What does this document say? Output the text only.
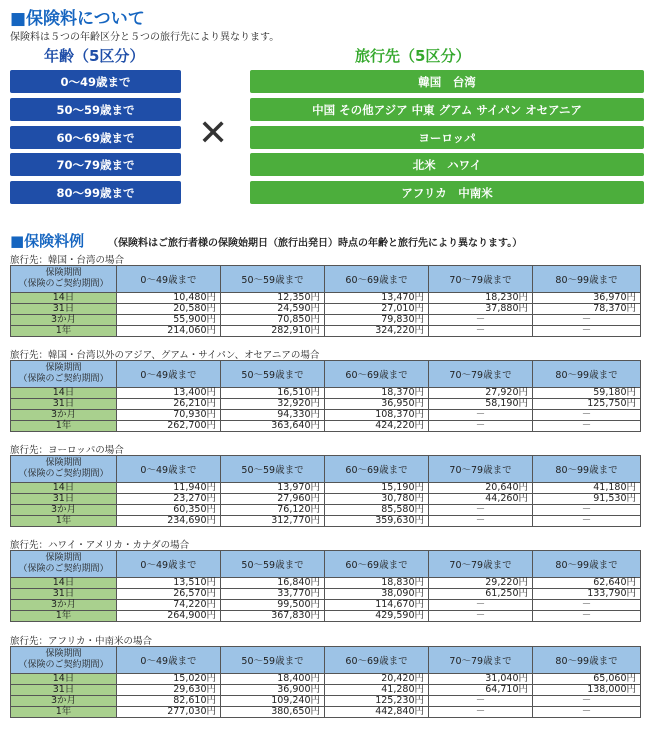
■保険料について
保険料は５つの年齢区分と５つの旅行先により異なります。
年齢（5区分）	旅行先（5区分）
0～49歳まで
50～59歳まで
60～69歳まで
70～79歳まで
80～99歳まで
✕
韓国　台湾
中国 その他アジア 中東 グアム サイパン オセアニア
ヨーロッパ
北米　ハワイ
アフリカ　中南米
■保険料例 （保険料はご旅行者様の保険始期日（旅行出発日）時点の年齢と旅行先により異なります。）
旅行先：韓国・台湾の場合
保険期間
（保険のご契約期間）	0～49歳まで	50～59歳まで	60～69歳まで	70～79歳まで	80～99歳まで
14日	10,480円	12,350円	13,470円	18,230円	36,970円
31日	20,580円	24,590円	27,010円	37,880円	78,370円
3か月	55,900円	70,850円	79,830円	－	－
1年	214,060円	282,910円	324,220円	－	－
旅行先：韓国・台湾以外のアジア、グアム・サイパン、オセアニアの場合
保険期間
（保険のご契約期間）	0～49歳まで	50～59歳まで	60～69歳まで	70～79歳まで	80～99歳まで
14日	13,400円	16,510円	18,370円	27,920円	59,180円
31日	26,210円	32,920円	36,950円	58,190円	125,750円
3か月	70,930円	94,330円	108,370円	－	－
1年	262,700円	363,640円	424,220円	－	－
旅行先：ヨーロッパの場合
保険期間
（保険のご契約期間）	0～49歳まで	50～59歳まで	60～69歳まで	70～79歳まで	80～99歳まで
14日	11,940円	13,970円	15,190円	20,640円	41,180円
31日	23,270円	27,960円	30,780円	44,260円	91,530円
3か月	60,350円	76,120円	85,580円	－	－
1年	234,690円	312,770円	359,630円	－	－
旅行先：ハワイ・アメリカ・カナダの場合
保険期間
（保険のご契約期間）	0～49歳まで	50～59歳まで	60～69歳まで	70～79歳まで	80～99歳まで
14日	13,510円	16,840円	18,830円	29,220円	62,640円
31日	26,570円	33,770円	38,090円	61,250円	133,790円
3か月	74,220円	99,500円	114,670円	－	－
1年	264,900円	367,830円	429,590円	－	－
旅行先：アフリカ・中南米の場合
保険期間
（保険のご契約期間）	0～49歳まで	50～59歳まで	60～69歳まで	70～79歳まで	80～99歳まで
14日	15,020円	18,400円	20,420円	31,040円	65,060円
31日	29,630円	36,900円	41,280円	64,710円	138,000円
3か月	82,610円	109,240円	125,230円	－	－
1年	277,030円	380,650円	442,840円	－	－
